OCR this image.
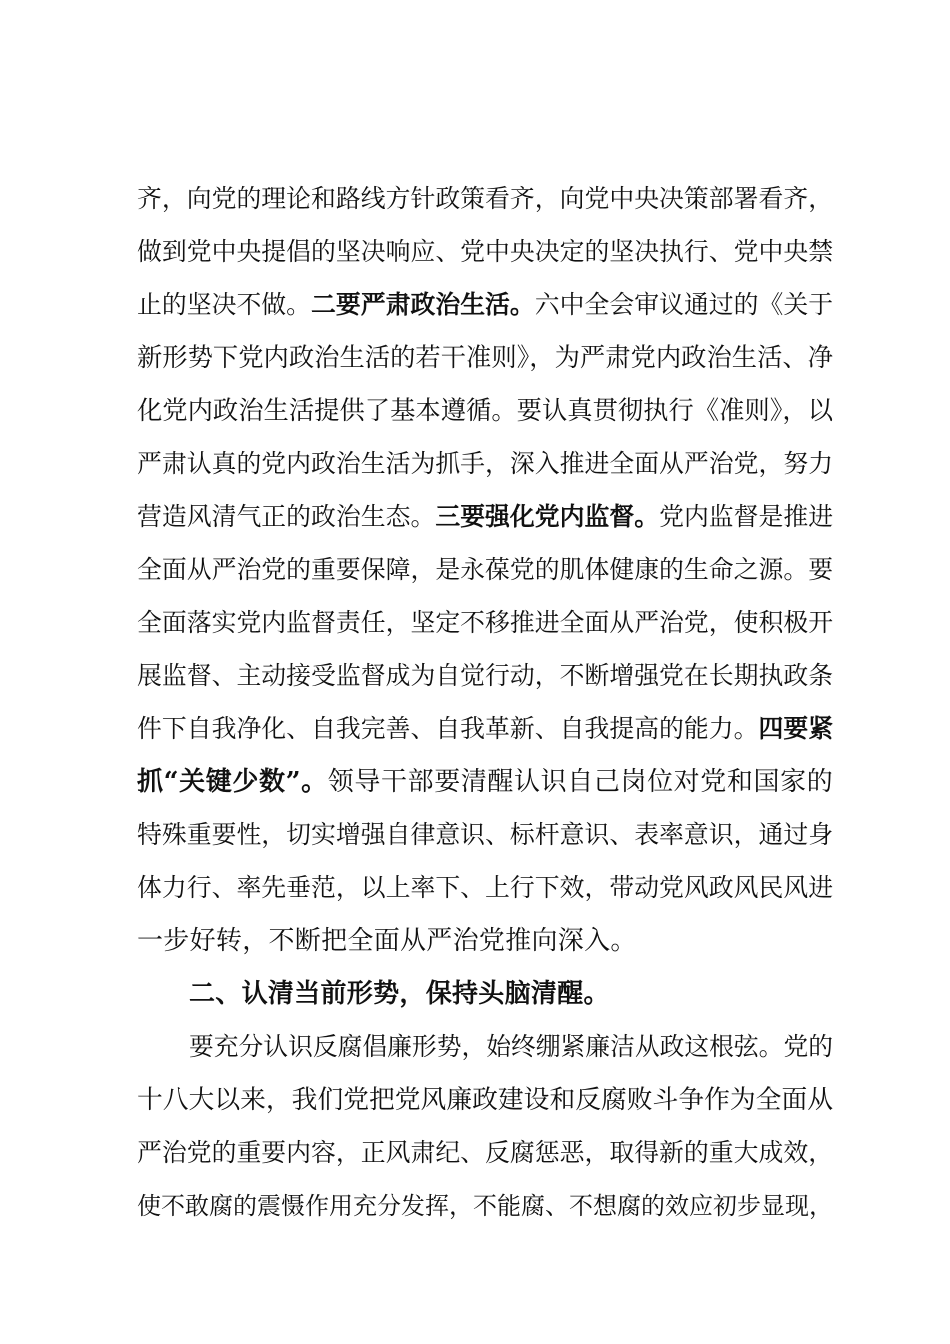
齐，向党的理论和路线方针政策看齐，向党中央决策部署看齐，
做到党中央提倡的坚决响应、党中央决定的坚决执行、党中央禁
止的坚决不做。二要严肃政治生活。六中全会审议通过的《关于
新形势下党内政治生活的若干准则》，为严肃党内政治生活、净
化党内政治生活提供了基本遵循。要认真贯彻执行《准则》，以
严肃认真的党内政治生活为抓手，深入推进全面从严治党，努力
营造风清气正的政治生态。三要强化党内监督。党内监督是推进
全面从严治党的重要保障，是永葆党的肌体健康的生命之源。要
全面落实党内监督责任，坚定不移推进全面从严治党，使积极开
展监督、主动接受监督成为自觉行动，不断增强党在长期执政条
件下自我净化、自我完善、自我革新、自我提高的能力。四要紧
抓“关键少数”。领导干部要清醒认识自己岗位对党和国家的
特殊重要性，切实增强自律意识、标杆意识、表率意识，通过身
体力行、率先垂范，以上率下、上行下效，带动党风政风民风进
一步好转，不断把全面从严治党推向深入。
二、认清当前形势，保持头脑清醒。
要充分认识反腐倡廉形势，始终绷紧廉洁从政这根弦。党的
十八大以来，我们党把党风廉政建设和反腐败斗争作为全面从
严治党的重要内容，正风肃纪、反腐惩恶，取得新的重大成效，
使不敢腐的震慑作用充分发挥，不能腐、不想腐的效应初步显现，
